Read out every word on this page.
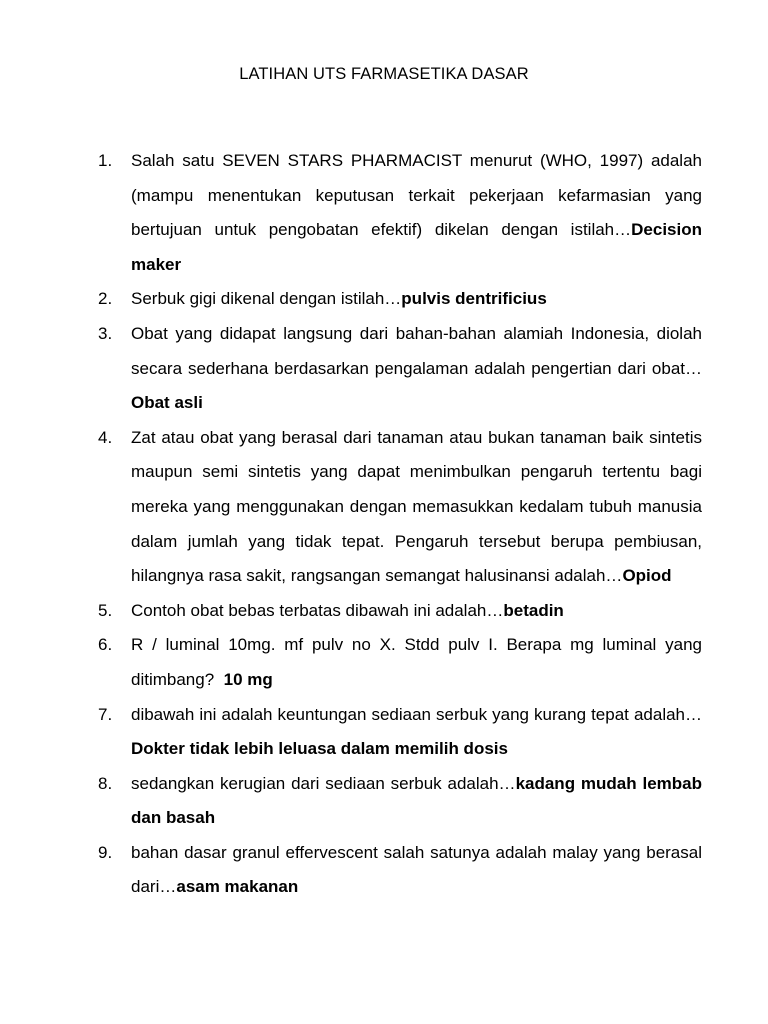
LATIHAN UTS FARMASETIKA DASAR
1.	Salah satu SEVEN STARS PHARMACIST menurut (WHO, 1997) adalah (mampu menentukan keputusan terkait pekerjaan kefarmasian yang bertujuan untuk pengobatan efektif) dikelan dengan istilah…Decision maker
2.	Serbuk gigi dikenal dengan istilah…pulvis dentrificius
3.	Obat yang didapat langsung dari bahan-bahan alamiah Indonesia, diolah secara sederhana berdasarkan pengalaman adalah pengertian dari obat…Obat asli
4.	Zat atau obat yang berasal dari tanaman atau bukan tanaman baik sintetis maupun semi sintetis yang dapat menimbulkan pengaruh tertentu bagi mereka yang menggunakan dengan memasukkan kedalam tubuh manusia dalam jumlah yang tidak tepat. Pengaruh tersebut berupa pembiusan, hilangnya rasa sakit, rangsangan semangat halusinansi adalah…Opiod
5.	Contoh obat bebas terbatas dibawah ini adalah…betadin
6.	R / luminal 10mg. mf pulv no X. Stdd pulv I. Berapa mg luminal yang ditimbang?  10 mg
7.	dibawah ini adalah keuntungan sediaan serbuk yang kurang tepat adalah…Dokter tidak lebih leluasa dalam memilih dosis
8.	sedangkan kerugian dari sediaan serbuk adalah…kadang mudah lembab dan basah
9.	bahan dasar granul effervescent salah satunya adalah malay yang berasal dari…asam makanan
